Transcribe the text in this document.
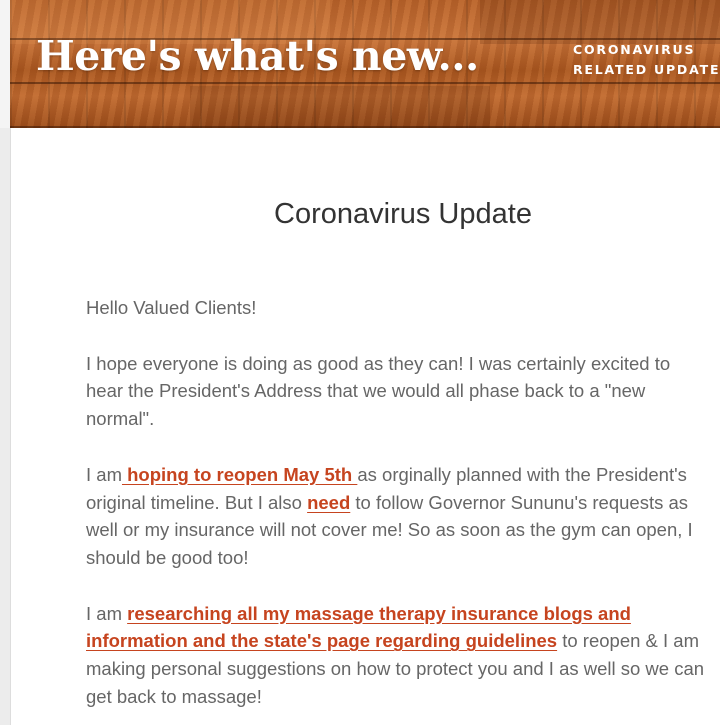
Here's what's new...	CORONAVIRUS
RELATED UPDATE
Coronavirus Update

Hello Valued Clients!

I hope everyone is doing as good as they can! I was certainly excited to hear the President's Address that we would all phase back to a "new normal".

I am hoping to reopen May 5th as orginally planned with the President's original timeline. But I also need to follow Governor Sununu's requests as well or my insurance will not cover me! So as soon as the gym can open, I should be good too!

I am researching all my massage therapy insurance blogs and information and the state's page regarding guidelines to reopen & I am making personal suggestions on how to protect you and I as well so we can get back to massage!
